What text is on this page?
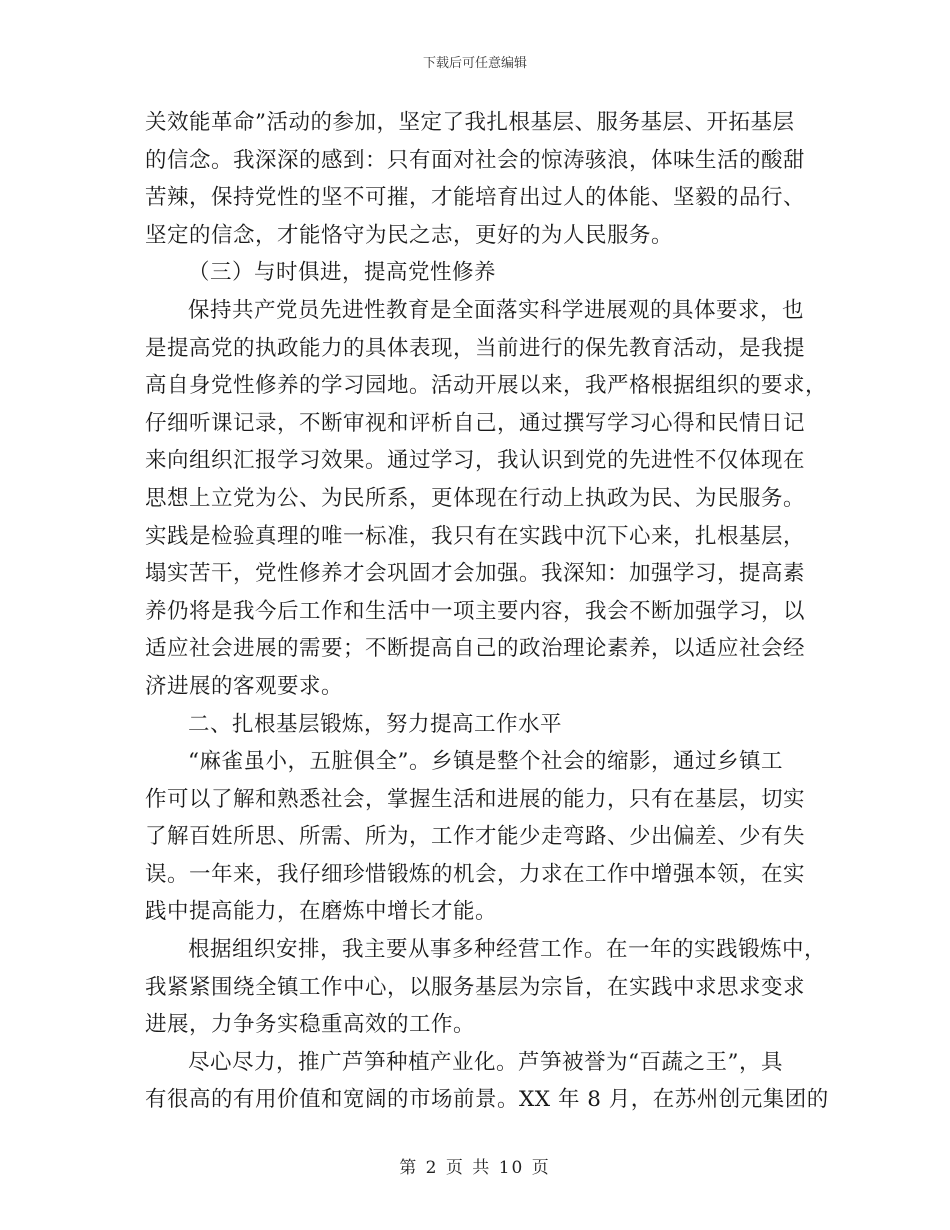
下载后可任意编辑
关效能革命”活动的参加，坚定了我扎根基层、服务基层、开拓基层
的信念。我深深的感到：只有面对社会的惊涛骇浪，体味生活的酸甜
苦辣，保持党性的坚不可摧，才能培育出过人的体能、坚毅的品行、
坚定的信念，才能恪守为民之志，更好的为人民服务。
（三）与时俱进，提高党性修养
保持共产党员先进性教育是全面落实科学进展观的具体要求，也
是提高党的执政能力的具体表现，当前进行的保先教育活动，是我提
高自身党性修养的学习园地。活动开展以来，我严格根据组织的要求，
仔细听课记录，不断审视和评析自己，通过撰写学习心得和民情日记
来向组织汇报学习效果。通过学习，我认识到党的先进性不仅体现在
思想上立党为公、为民所系，更体现在行动上执政为民、为民服务。
实践是检验真理的唯一标准，我只有在实践中沉下心来，扎根基层，
塌实苦干，党性修养才会巩固才会加强。我深知：加强学习，提高素
养仍将是我今后工作和生活中一项主要内容，我会不断加强学习，以
适应社会进展的需要；不断提高自己的政治理论素养，以适应社会经
济进展的客观要求。
二、扎根基层锻炼，努力提高工作水平
“麻雀虽小，五脏俱全”。乡镇是整个社会的缩影，通过乡镇工
作可以了解和熟悉社会，掌握生活和进展的能力，只有在基层，切实
了解百姓所思、所需、所为，工作才能少走弯路、少出偏差、少有失
误。一年来，我仔细珍惜锻炼的机会，力求在工作中增强本领，在实
践中提高能力，在磨炼中增长才能。
根据组织安排，我主要从事多种经营工作。在一年的实践锻炼中，
我紧紧围绕全镇工作中心，以服务基层为宗旨，在实践中求思求变求
进展，力争务实稳重高效的工作。
尽心尽力，推广芦笋种植产业化。芦笋被誉为“百蔬之王”，具
有很高的有用价值和宽阔的市场前景。XX 年 8 月，在苏州创元集团的
第 2 页 共 10 页
